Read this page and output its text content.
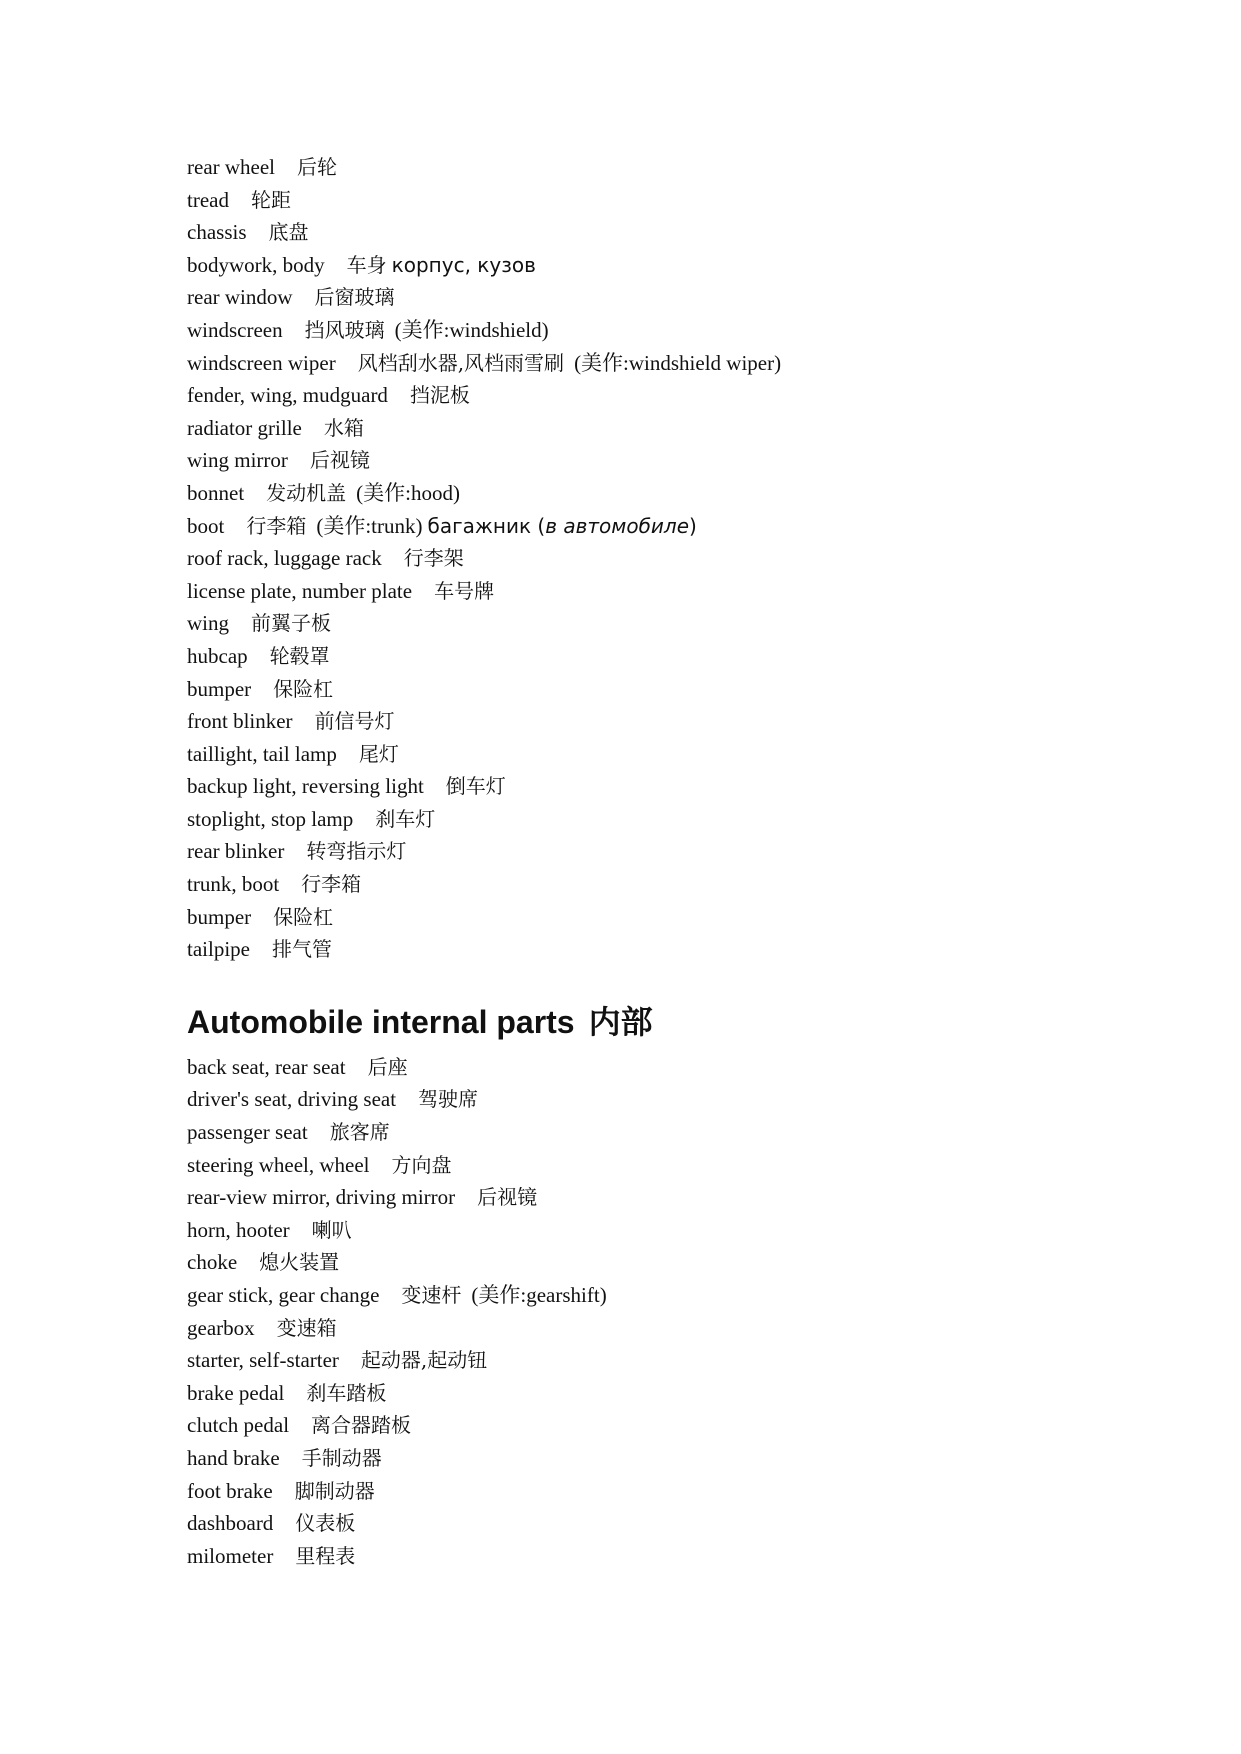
rear wheel 后轮
tread 轮距
chassis 底盘
bodywork, body 车身 корпус, кузов
rear window 后窗玻璃
windscreen 挡风玻璃 (美作:windshield)
windscreen wiper 风档刮水器,风档雨雪刷 (美作:windshield wiper)
fender, wing, mudguard 挡泥板
radiator grille 水箱
wing mirror 后视镜
bonnet 发动机盖 (美作:hood)
boot 行李箱 (美作:trunk) багажник (в автомобиле)
roof rack, luggage rack 行李架
license plate, number plate 车号牌
wing 前翼子板
hubcap 轮毂罩
bumper 保险杠
front blinker 前信号灯
taillight, tail lamp 尾灯
backup light, reversing light 倒车灯
stoplight, stop lamp 刹车灯
rear blinker 转弯指示灯
trunk, boot 行李箱
bumper 保险杠
tailpipe 排气管
Automobile internal parts 内部
back seat, rear seat 后座
driver's seat, driving seat 驾驶席
passenger seat 旅客席
steering wheel, wheel 方向盘
rear-view mirror, driving mirror 后视镜
horn, hooter 喇叭
choke 熄火装置
gear stick, gear change 变速杆 (美作:gearshift)
gearbox 变速箱
starter, self-starter 起动器,起动钮
brake pedal 刹车踏板
clutch pedal 离合器踏板
hand brake 手制动器
foot brake 脚制动器
dashboard 仪表板
milometer 里程表
